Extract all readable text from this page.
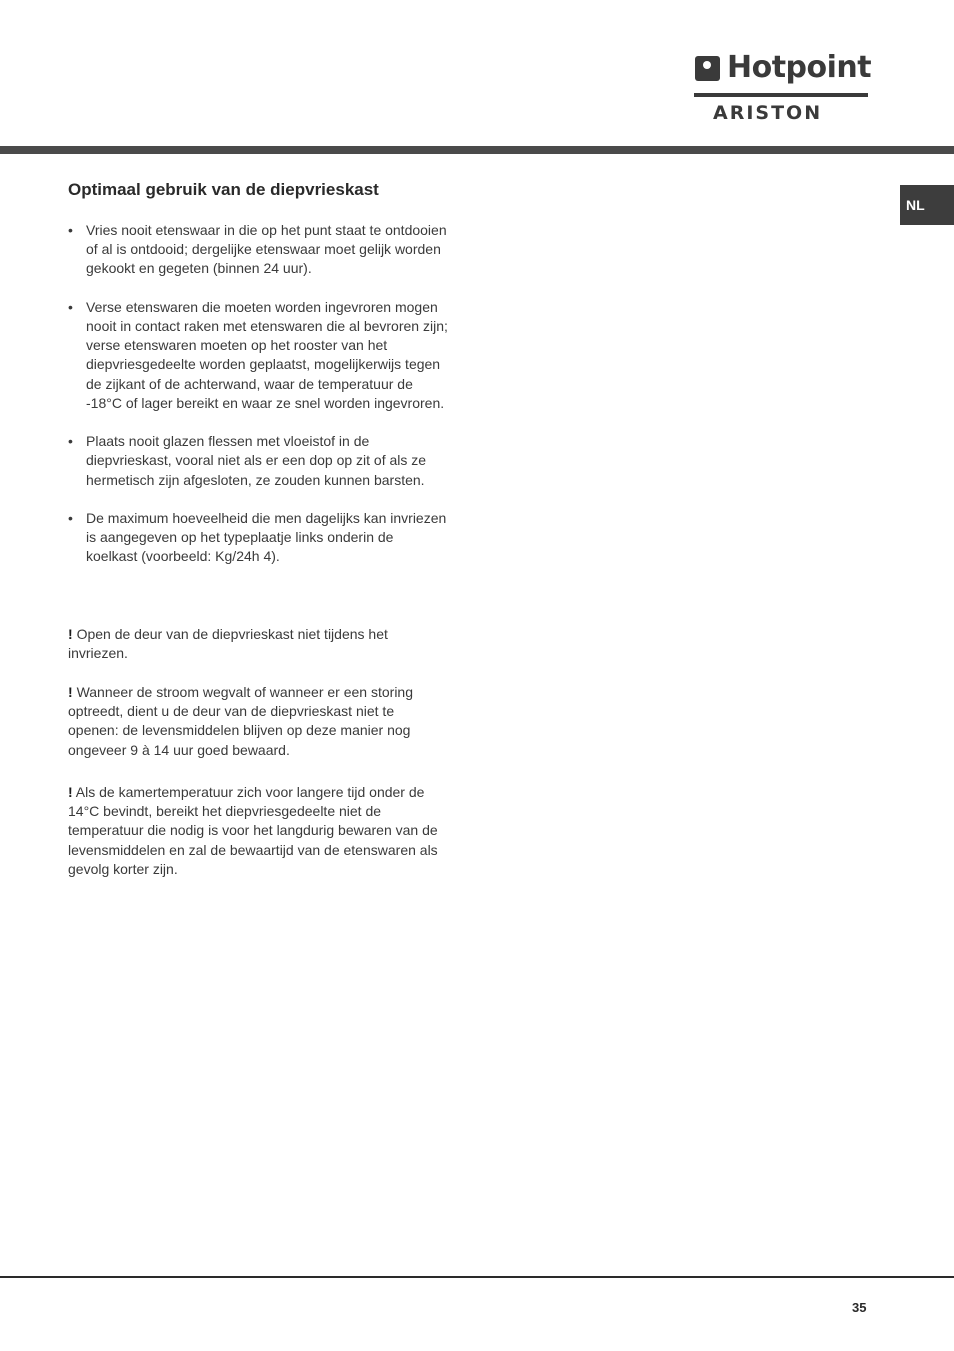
Hotpoint
ARISTON
NL
Optimaal gebruik van de diepvrieskast
• Vries nooit etenswaar in die op het punt staat te ontdooien of al is ontdooid; dergelijke etenswaar moet gelijk worden gekookt en gegeten (binnen 24 uur).
• Verse etenswaren die moeten worden ingevroren mogen nooit in contact raken met etenswaren die al bevroren zijn; verse etenswaren moeten op het rooster van het diepvriesgedeelte worden geplaatst, mogelijkerwijs tegen de zijkant of de achterwand, waar de temperatuur de -18°C of lager bereikt en waar ze snel worden ingevroren.
• Plaats nooit glazen flessen met vloeistof in de diepvrieskast, vooral niet als er een dop op zit of als ze hermetisch zijn afgesloten, ze zouden kunnen barsten.
• De maximum hoeveelheid die men dagelijks kan invriezen is aangegeven op het typeplaatje links onderin de koelkast (voorbeeld: Kg/24h 4).

! Open de deur van de diepvrieskast niet tijdens het invriezen.

! Wanneer de stroom wegvalt of wanneer er een storing optreedt, dient u de deur van de diepvrieskast niet te openen: de levensmiddelen blijven op deze manier nog ongeveer 9 à 14 uur goed bewaard.

! Als de kamertemperatuur zich voor langere tijd onder de 14°C bevindt, bereikt het diepvriesgedeelte niet de temperatuur die nodig is voor het langdurig bewaren van de levensmiddelen en zal de bewaartijd van de etenswaren als gevolg korter zijn.

35
